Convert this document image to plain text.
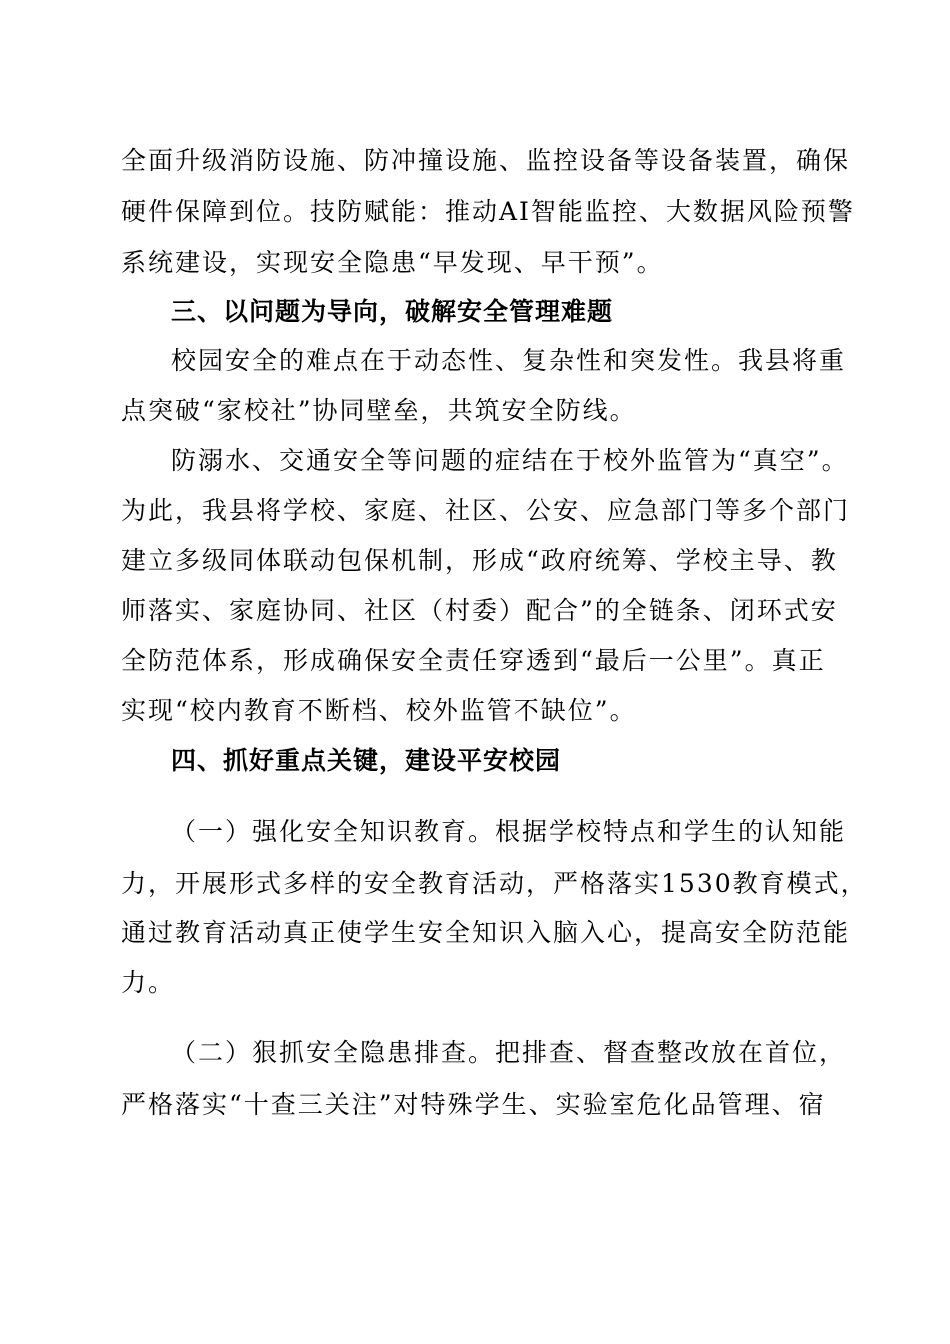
全面升级消防设施、防冲撞设施、监控设备等设备装置，确保
硬件保障到位。技防赋能：推动AI智能监控、大数据风险预警
系统建设，实现安全隐患“早发现、早干预”。
三、以问题为导向，破解安全管理难题
校园安全的难点在于动态性、复杂性和突发性。我县将重
点突破“家校社”协同壁垒，共筑安全防线。
防溺水、交通安全等问题的症结在于校外监管为“真空”。
为此，我县将学校、家庭、社区、公安、应急部门等多个部门
建立多级同体联动包保机制，形成“政府统筹、学校主导、教
师落实、家庭协同、社区（村委）配合”的全链条、闭环式安
全防范体系，形成确保安全责任穿透到“最后一公里”。真正
实现“校内教育不断档、校外监管不缺位”。
四、抓好重点关键，建设平安校园
（一）强化安全知识教育。根据学校特点和学生的认知能
力，开展形式多样的安全教育活动，严格落实1530教育模式，
通过教育活动真正使学生安全知识入脑入心，提高安全防范能
力。
（二）狠抓安全隐患排查。把排查、督查整改放在首位，
严格落实“十查三关注”对特殊学生、实验室危化品管理、宿
